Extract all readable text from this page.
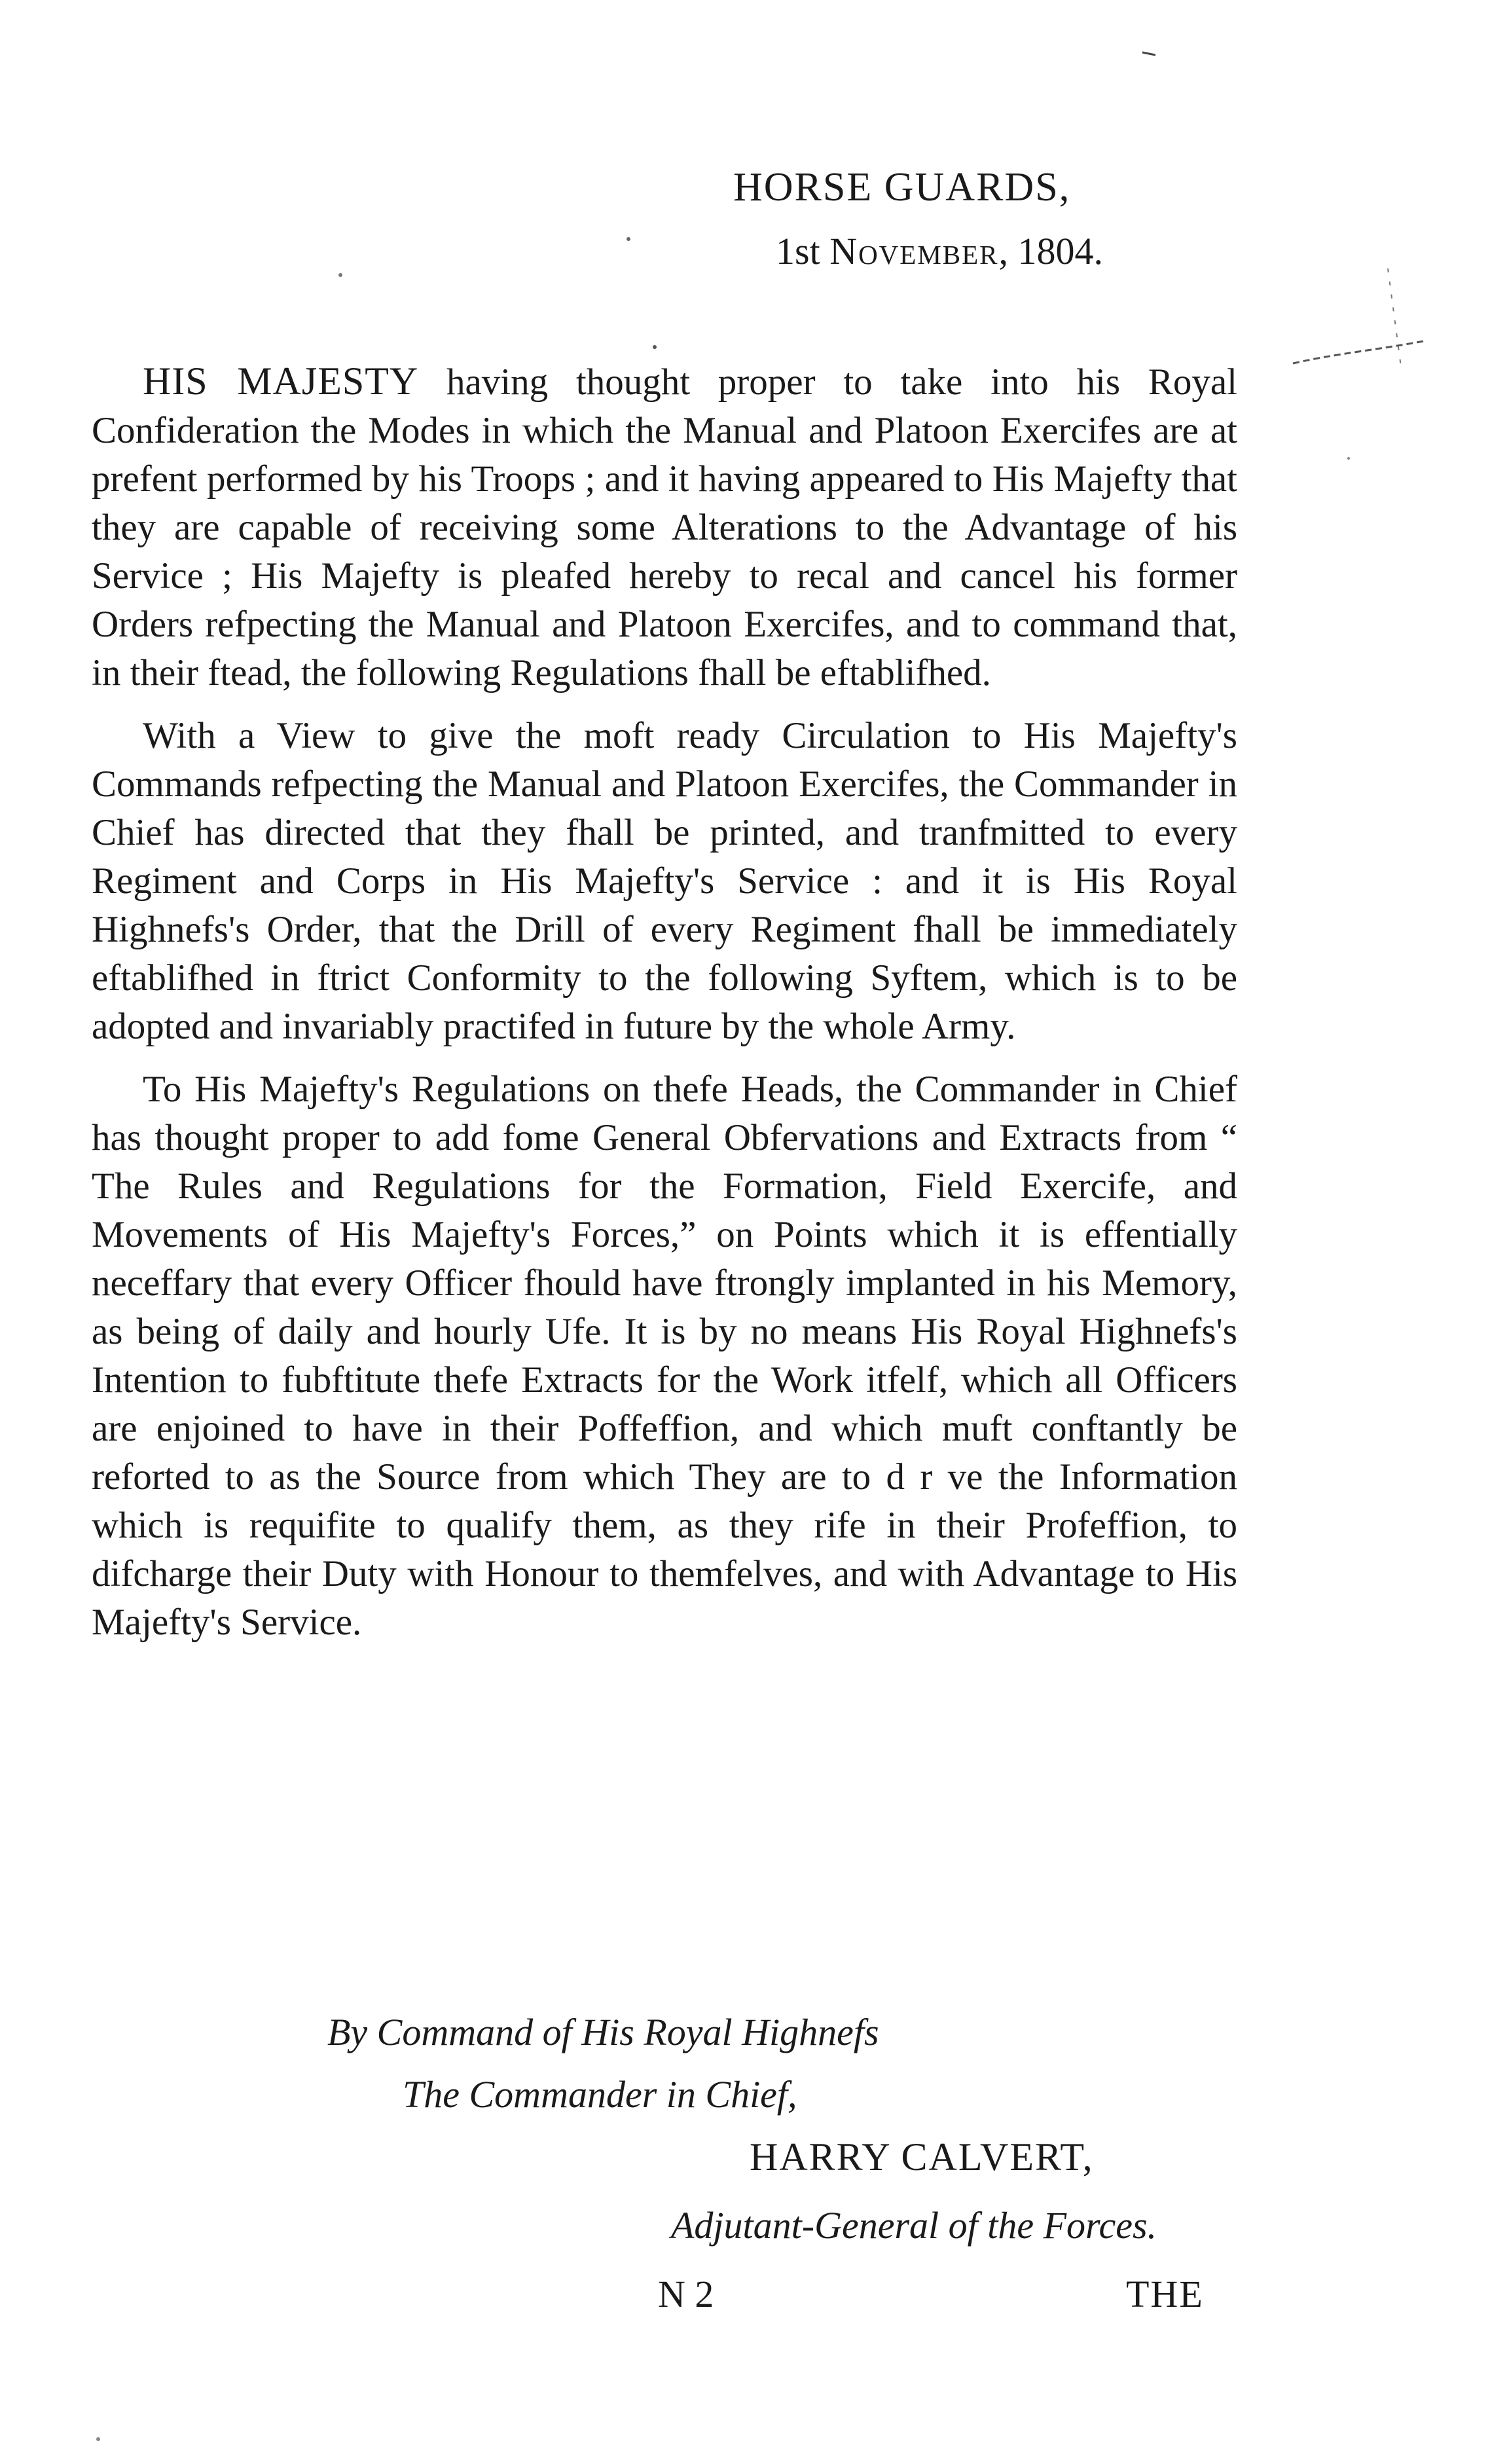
HORSE GUARDS,
1st November, 1804.

HIS MAJESTY having thought proper to take into his Royal Confideration the Modes in which the Manual and Platoon Exercifes are at prefent performed by his Troops ; and it having appeared to His Majefty that they are capable of receiving some Alterations to the Advantage of his Service ; His Majefty is pleafed hereby to recal and cancel his former Orders refpecting the Manual and Platoon Exercifes, and to command that, in their ftead, the following Regulations fhall be eftablifhed.

With a View to give the moft ready Circulation to His Majefty's Commands refpecting the Manual and Platoon Exercifes, the Commander in Chief has directed that they fhall be printed, and tranfmitted to every Regiment and Corps in His Majefty's Service : and it is His Royal Highnefs's Order, that the Drill of every Regiment fhall be immediately eftablifhed in ftrict Conformity to the following Syftem, which is to be adopted and invariably practifed in future by the whole Army.

To His Majefty's Regulations on thefe Heads, the Commander in Chief has thought proper to add fome General Obfervations and Extracts from “ The Rules and Regulations for the Formation, Field Exercife, and Movements of His Majefty's Forces,” on Points which it is effentially neceffary that every Officer fhould have ftrongly implanted in his Memory, as being of daily and hourly Ufe. It is by no means His Royal Highnefs's Intention to fubftitute thefe Extracts for the Work itfelf, which all Officers are enjoined to have in their Poffeffion, and which muft conftantly be reforted to as the Source from which They are to d r ve the Information which is requifite to qualify them, as they rife in their Profeffion, to difcharge their Duty with Honour to themfelves, and with Advantage to His Majefty's Service.

By Command of His Royal Highnefs
The Commander in Chief,
HARRY CALVERT,
Adjutant-General of the Forces.
N 2	THE
